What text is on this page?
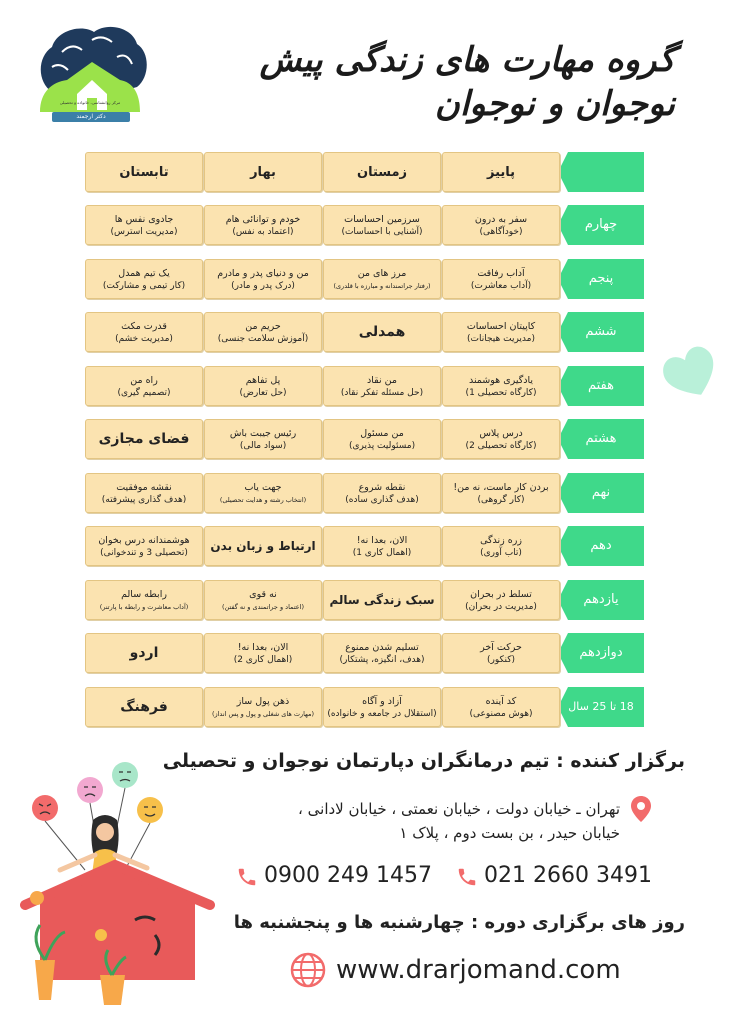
مرکز روانشناسی، خانواده و تحصیلی
دکتر ارجمند
گروه مهارت های زندگی پیش نوجوان و نوجوان
پاییز
زمستان
بهار
تابستان
چهارم
سفر به درون
(خودآگاهی)
سرزمین احساسات
(آشنایی با احساسات)
خودم و توانائی هام
(اعتماد به نفس)
جادوی نفس ها
(مدیریت استرس)
پنجم
آداب رفاقت
(آداب معاشرت)
مرز های من
(رفتار جراتمندانه و مبارزه با قلدری)
من و دنیای پدر و مادرم
(درک پدر و مادر)
یک تیم همدل
(کار تیمی و مشارکت)
ششم
کاپیتان احساسات
(مدیریت هیجانات)
همدلی
حریم من
(آموزش سلامت جنسی)
قدرت مکث
(مدیریت خشم)
هفتم
یادگیری هوشمند
(کارگاه تحصیلی 1)
من نقاد
(حل مسئله تفکر نقاد)
پل تفاهم
(حل تعارض)
راه من
(تصمیم گیری)
هشتم
درس پلاس
(کارگاه تحصیلی 2)
من مسئول
(مسئولیت پذیری)
رئیس جیبت باش
(سواد مالی)
فضای مجازی
نهم
بردن کار ماست، نه من!
(کار گروهی)
نقطه شروع
(هدف گذاری ساده)
جهت یاب
(انتخاب رشته و هدایت تحصیلی)
نقشه موفقیت
(هدف گذاری پیشرفته)
دهم
زره زندگی
(تاب آوری)
الان، بعدا نه!
(اهمال کاری 1)
ارتباط و زبان بدن
هوشمندانه درس بخوان
(تحصیلی 3 و تندخوانی)
یازدهم
تسلط در بحران
(مدیریت در بحران)
سبک زندگی سالم
نه قوی
(اعتماد و جراتمندی و نه گفتن)
رابطه سالم
(آداب معاشرت و رابطه با پارتنر)
دوازدهم
حرکت آخر
(کنکور)
تسلیم شدن ممنوع
(هدف، انگیزه، پشتکار)
الان، بعدا نه!
(اهمال کاری 2)
اردو
18 تا 25 سال
کد آینده
(هوش مصنوعی)
آزاد و آگاه
(استقلال در جامعه و خانواده)
ذهن پول ساز
(مهارت های شغلی و پول و پس انداز)
فرهنگ
برگزار کننده : تیم درمانگران دپارتمان نوجوان و تحصیلی
تهران ـ خیابان دولت ، خیابان نعمتی ، خیابان لادانی ،
خیابان حیدر ، بن بست دوم ، پلاک ۱
021 2660 3491
0900 249 1457
روز های برگزاری دوره : چهارشنبه ها و پنجشنبه ها
www.drarjomand.com
